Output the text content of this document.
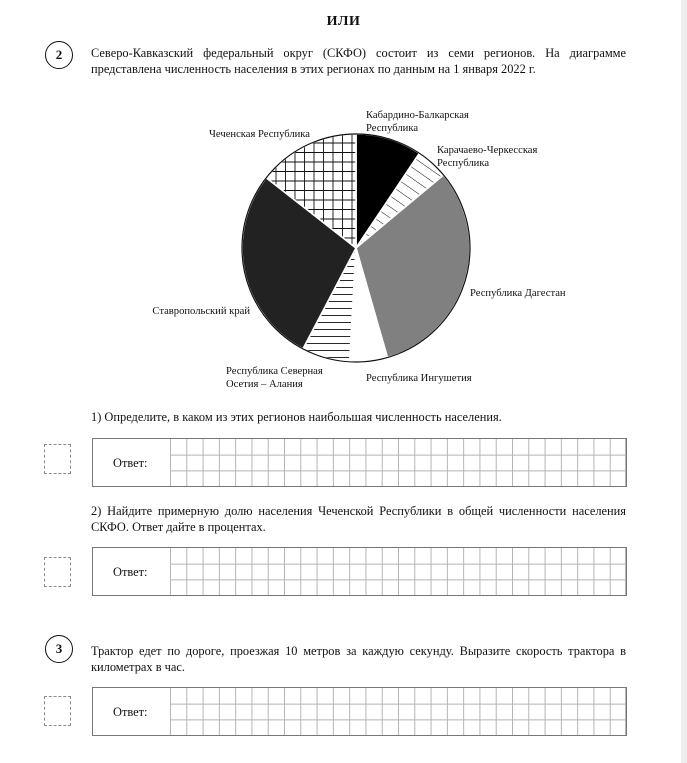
ИЛИ
2	Северо-Кавказский федеральный округ (СКФО) состоит из семи регионов. На диаграмме представлена численность населения в этих регионах по данным на 1 января 2022 г.
Кабардино-Балкарская Республика
Карачаево-Черкесская Республика
Республика Дагестан
Республика Ингушетия
Республика Северная Осетия – Алания
Ставропольский край
Чеченская Республика
1) Определите, в каком из этих регионов наибольшая численность населения.
Ответ:
2) Найдите примерную долю населения Чеченской Республики в общей численности населения СКФО. Ответ дайте в процентах.
Ответ:
3	Трактор едет по дороге, проезжая 10 метров за каждую секунду. Выразите скорость трактора в километрах в час.
Ответ:
